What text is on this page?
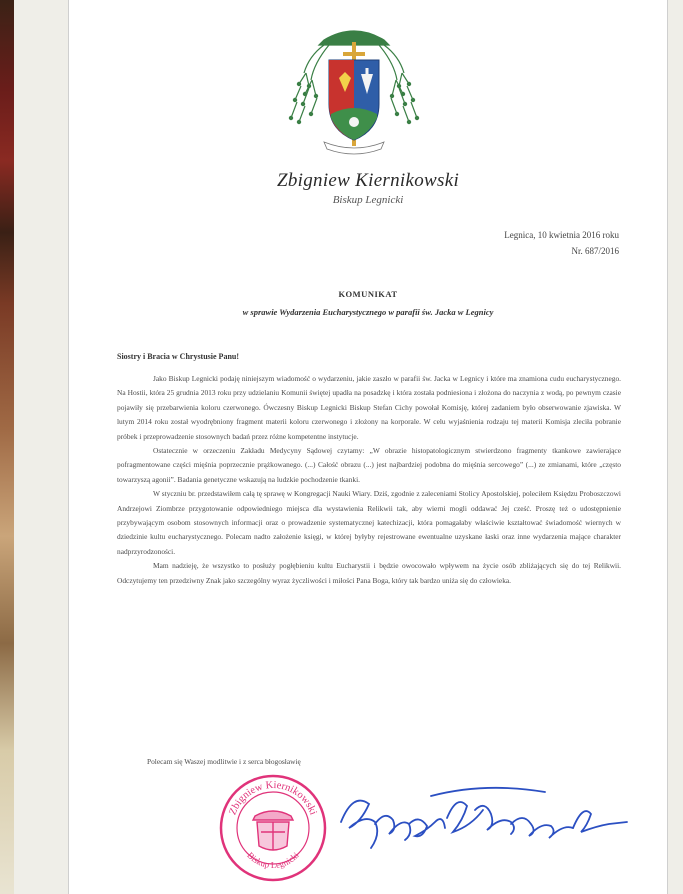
Zbigniew Kiernikowski
Biskup Legnicki
Legnica, 10 kwietnia 2016 roku
Nr. 687/2016
KOMUNIKAT
w sprawie Wydarzenia Eucharystycznego w parafii św. Jacka w Legnicy
Siostry i Bracia w Chrystusie Panu!

Jako Biskup Legnicki podaję niniejszym wiadomość o wydarzeniu, jakie zaszło w parafii św. Jacka w Legnicy i które ma znamiona cudu eucharystycznego. Na Hostii, która 25 grudnia 2013 roku przy udzielaniu Komunii świętej upadła na posadzkę i która została podniesiona i złożona do naczynia z wodą, po pewnym czasie pojawiły się przebarwienia koloru czerwonego. Ówczesny Biskup Legnicki Biskup Stefan Cichy powołał Komisję, której zadaniem było obserwowanie zjawiska. W lutym 2014 roku został wyodrębniony fragment materii koloru czerwonego i złożony na korporale. W celu wyjaśnienia rodzaju tej materii Komisja zleciła pobranie próbek i przeprowadzenie stosownych badań przez różne kompetentne instytucje.

Ostatecznie w orzeczeniu Zakładu Medycyny Sądowej czytamy: „W obrazie histopatologicznym stwierdzono fragmenty tkankowe zawierające pofragmentowane części mięśnia poprzecznie prążkowanego. (...) Całość obrazu (...) jest najbardziej podobna do mięśnia sercowego” (...) ze zmianami, które „często towarzyszą agonii”. Badania genetyczne wskazują na ludzkie pochodzenie tkanki.

W styczniu br. przedstawiłem całą tę sprawę w Kongregacji Nauki Wiary. Dziś, zgodnie z zaleceniami Stolicy Apostolskiej, poleciłem Księdzu Proboszczowi Andrzejowi Ziombrze przygotowanie odpowiedniego miejsca dla wystawienia Relikwii tak, aby wierni mogli oddawać Jej cześć. Proszę też o udostępnienie przybywającym osobom stosownych informacji oraz o prowadzenie systematycznej katechizacji, która pomagałaby właściwie kształtować świadomość wiernych w dziedzinie kultu eucharystycznego. Polecam nadto założenie księgi, w której byłyby rejestrowane ewentualne uzyskane łaski oraz inne wydarzenia mające charakter nadprzyrodzoności.

Mam nadzieję, że wszystko to posłuży pogłębieniu kultu Eucharystii i będzie owocowało wpływem na życie osób zbliżających się do tej Relikwii. Odczytujemy ten przedziwny Znak jako szczególny wyraz życzliwości i miłości Pana Boga, który tak bardzo uniża się do człowieka.

Polecam się Waszej modlitwie i z serca błogosławię
Zbigniew Kiernikowski
Biskup Legnicki
